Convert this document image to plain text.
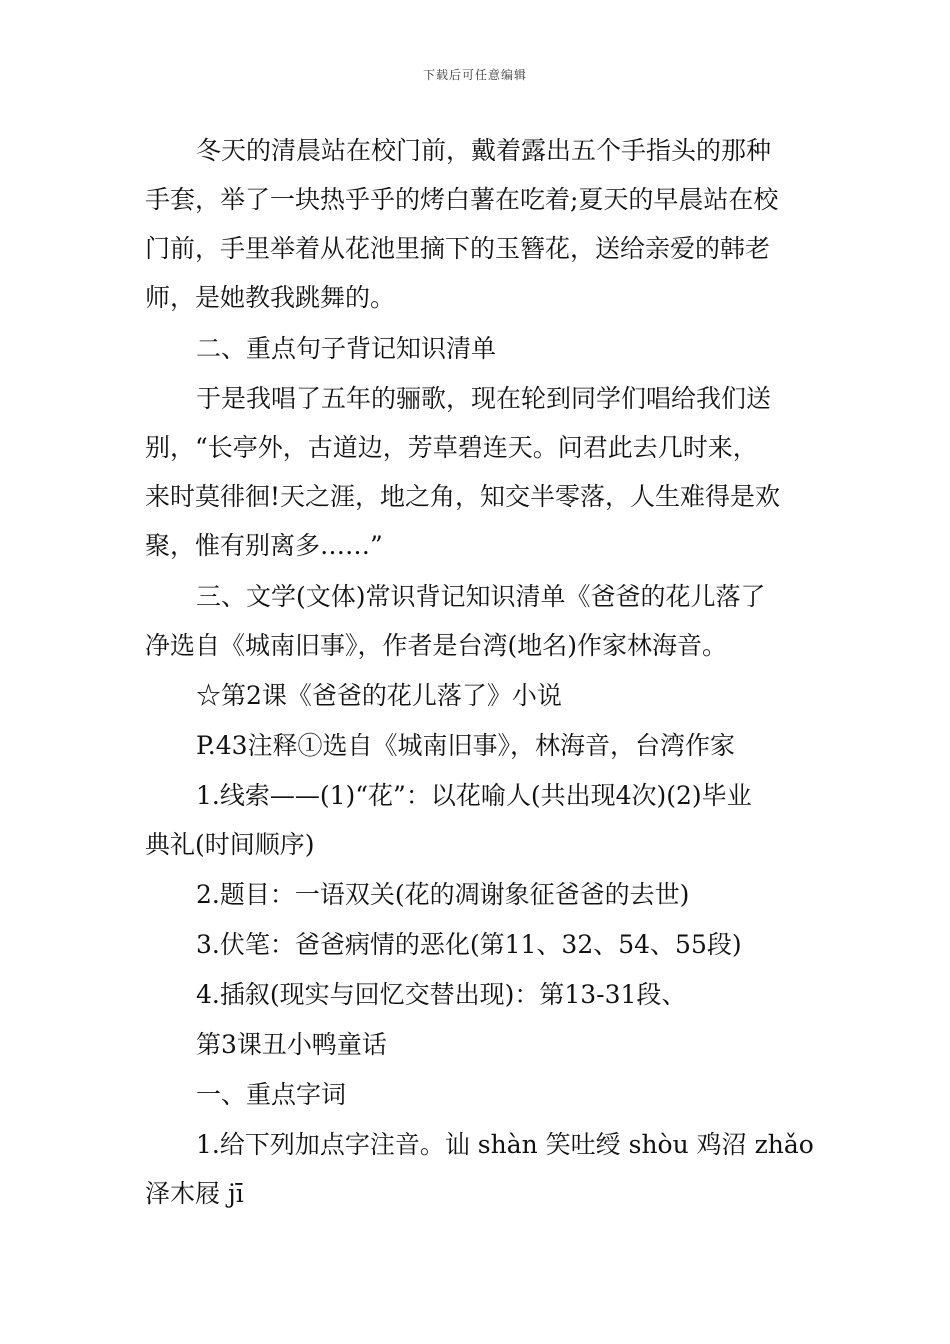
下载后可任意编辑
冬天的清晨站在校门前，戴着露出五个手指头的那种
手套，举了一块热乎乎的烤白薯在吃着;夏天的早晨站在校
门前，手里举着从花池里摘下的玉簪花，送给亲爱的韩老
师，是她教我跳舞的。
二、重点句子背记知识清单
于是我唱了五年的骊歌，现在轮到同学们唱给我们送
别，“长亭外，古道边，芳草碧连天。问君此去几时来，
来时莫徘徊!天之涯，地之角，知交半零落，人生难得是欢
聚，惟有别离多……”
三、文学(文体)常识背记知识清单《爸爸的花儿落了
净选自《城南旧事》，作者是台湾(地名)作家林海音。
☆第2课《爸爸的花儿落了》小说
P.43注释①选自《城南旧事》，林海音，台湾作家
1.线索——(1)“花”：以花喻人(共出现4次)(2)毕业
典礼(时间顺序)
2.题目：一语双关(花的凋谢象征爸爸的去世)
3.伏笔：爸爸病情的恶化(第11、32、54、55段)
4.插叙(现实与回忆交替出现)：第13-31段、
第3课丑小鸭童话
一、重点字词
1.给下列加点字注音。讪 shàn 笑吐绶 shòu 鸡沼 zhǎo
泽木屐 jī
